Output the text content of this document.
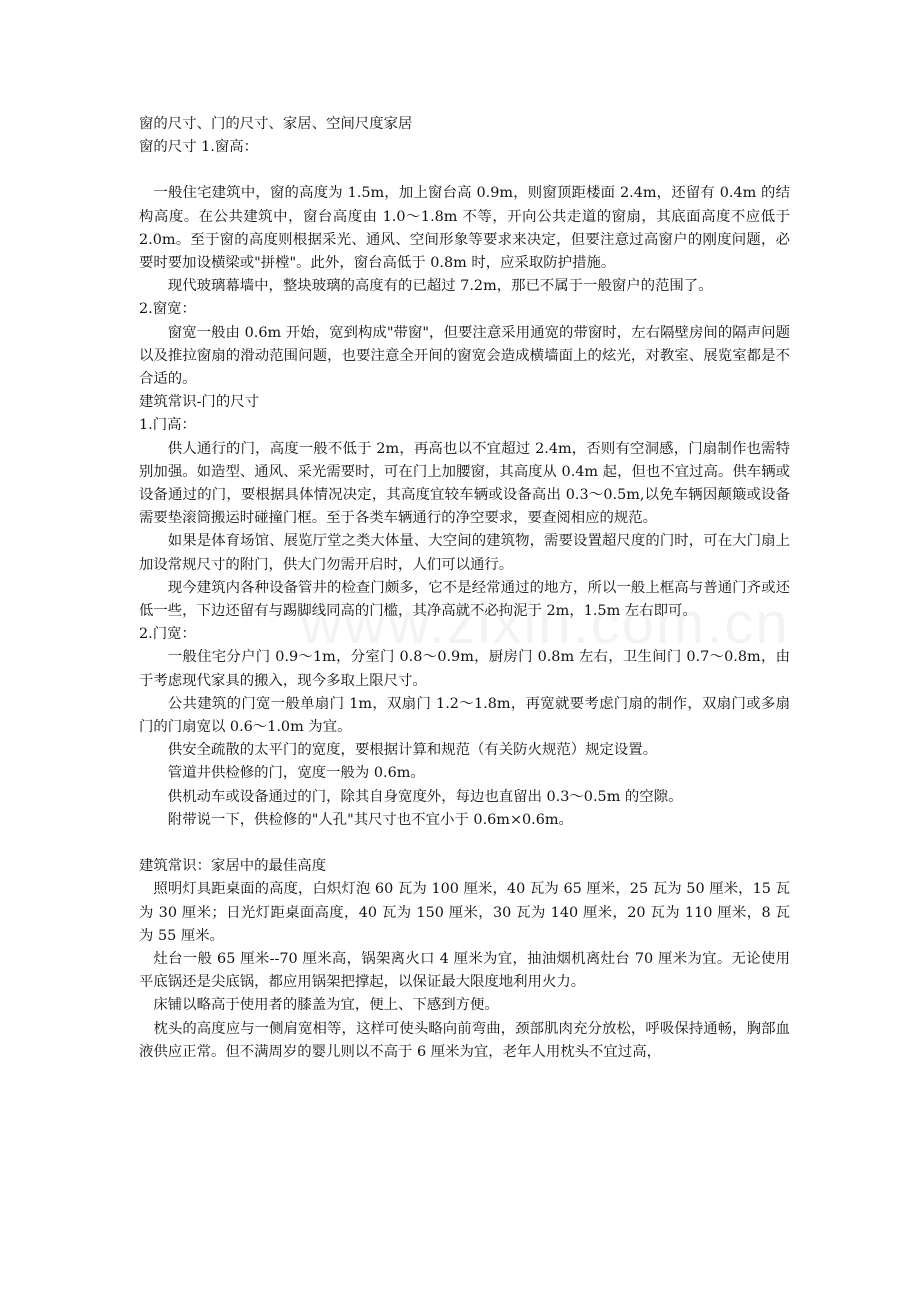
窗的尺寸、门的尺寸、家居、空间尺度家居

窗的尺寸 1.窗高：

一般住宅建筑中，窗的高度为 1.5m，加上窗台高 0.9m，则窗顶距楼面 2.4m，还留有 0.4m 的结构高度。在公共建筑中，窗台高度由 1.0～1.8m 不等，开向公共走道的窗扇，其底面高度不应低于 2.0m。至于窗的高度则根据采光、通风、空间形象等要求来决定，但要注意过高窗户的刚度问题，必要时要加设横梁或"拼樘"。此外，窗台高低于 0.8m 时，应采取防护措施。

现代玻璃幕墙中，整块玻璃的高度有的已超过 7.2m，那已不属于一般窗户的范围了。

2.窗宽：

窗宽一般由 0.6m 开始，宽到构成"带窗"，但要注意采用通宽的带窗时，左右隔壁房间的隔声问题以及推拉窗扇的滑动范围问题，也要注意全开间的窗宽会造成横墙面上的炫光，对教室、展览室都是不合适的。

建筑常识-门的尺寸

1.门高：

供人通行的门，高度一般不低于 2m，再高也以不宜超过 2.4m，否则有空洞感，门扇制作也需特别加强。如造型、通风、采光需要时，可在门上加腰窗，其高度从 0.4m 起，但也不宜过高。供车辆或设备通过的门，要根据具体情况决定，其高度宜较车辆或设备高出 0.3～0.5m,以免车辆因颠簸或设备需要垫滚筒搬运时碰撞门框。至于各类车辆通行的净空要求，要查阅相应的规范。

如果是体育场馆、展览厅堂之类大体量、大空间的建筑物，需要设置超尺度的门时，可在大门扇上加设常规尺寸的附门，供大门勿需开启时，人们可以通行。

现今建筑内各种设备管井的检查门颇多，它不是经常通过的地方，所以一般上框高与普通门齐或还低一些，下边还留有与踢脚线同高的门槛，其净高就不必拘泥于 2m，1.5m 左右即可。

2.门宽：

一般住宅分户门 0.9～1m，分室门 0.8～0.9m，厨房门 0.8m 左右，卫生间门 0.7～0.8m，由于考虑现代家具的搬入，现今多取上限尺寸。

公共建筑的门宽一般单扇门 1m，双扇门 1.2～1.8m，再宽就要考虑门扇的制作，双扇门或多扇门的门扇宽以 0.6～1.0m 为宜。

供安全疏散的太平门的宽度，要根据计算和规范（有关防火规范）规定设置。

管道井供检修的门，宽度一般为 0.6m。

供机动车或设备通过的门，除其自身宽度外，每边也直留出 0.3～0.5m 的空隙。

附带说一下，供检修的"人孔"其尺寸也不宜小于 0.6m×0.6m。

建筑常识：家居中的最佳高度

照明灯具距桌面的高度，白炽灯泡 60 瓦为 100 厘米，40 瓦为 65 厘米，25 瓦为 50 厘米，15 瓦为 30 厘米；日光灯距桌面高度，40 瓦为 150 厘米，30 瓦为 140 厘米，20 瓦为 110 厘米，8 瓦为 55 厘米。

灶台一般 65 厘米--70 厘米高，锅架离火口 4 厘米为宜，抽油烟机离灶台 70 厘米为宜。无论使用平底锅还是尖底锅，都应用锅架把撑起，以保证最大限度地利用火力。

床铺以略高于使用者的膝盖为宜，便上、下感到方便。

枕头的高度应与一侧肩宽相等，这样可使头略向前弯曲，颈部肌肉充分放松，呼吸保持通畅，胸部血液供应正常。但不满周岁的婴儿则以不高于 6 厘米为宜，老年人用枕头不宜过高，
